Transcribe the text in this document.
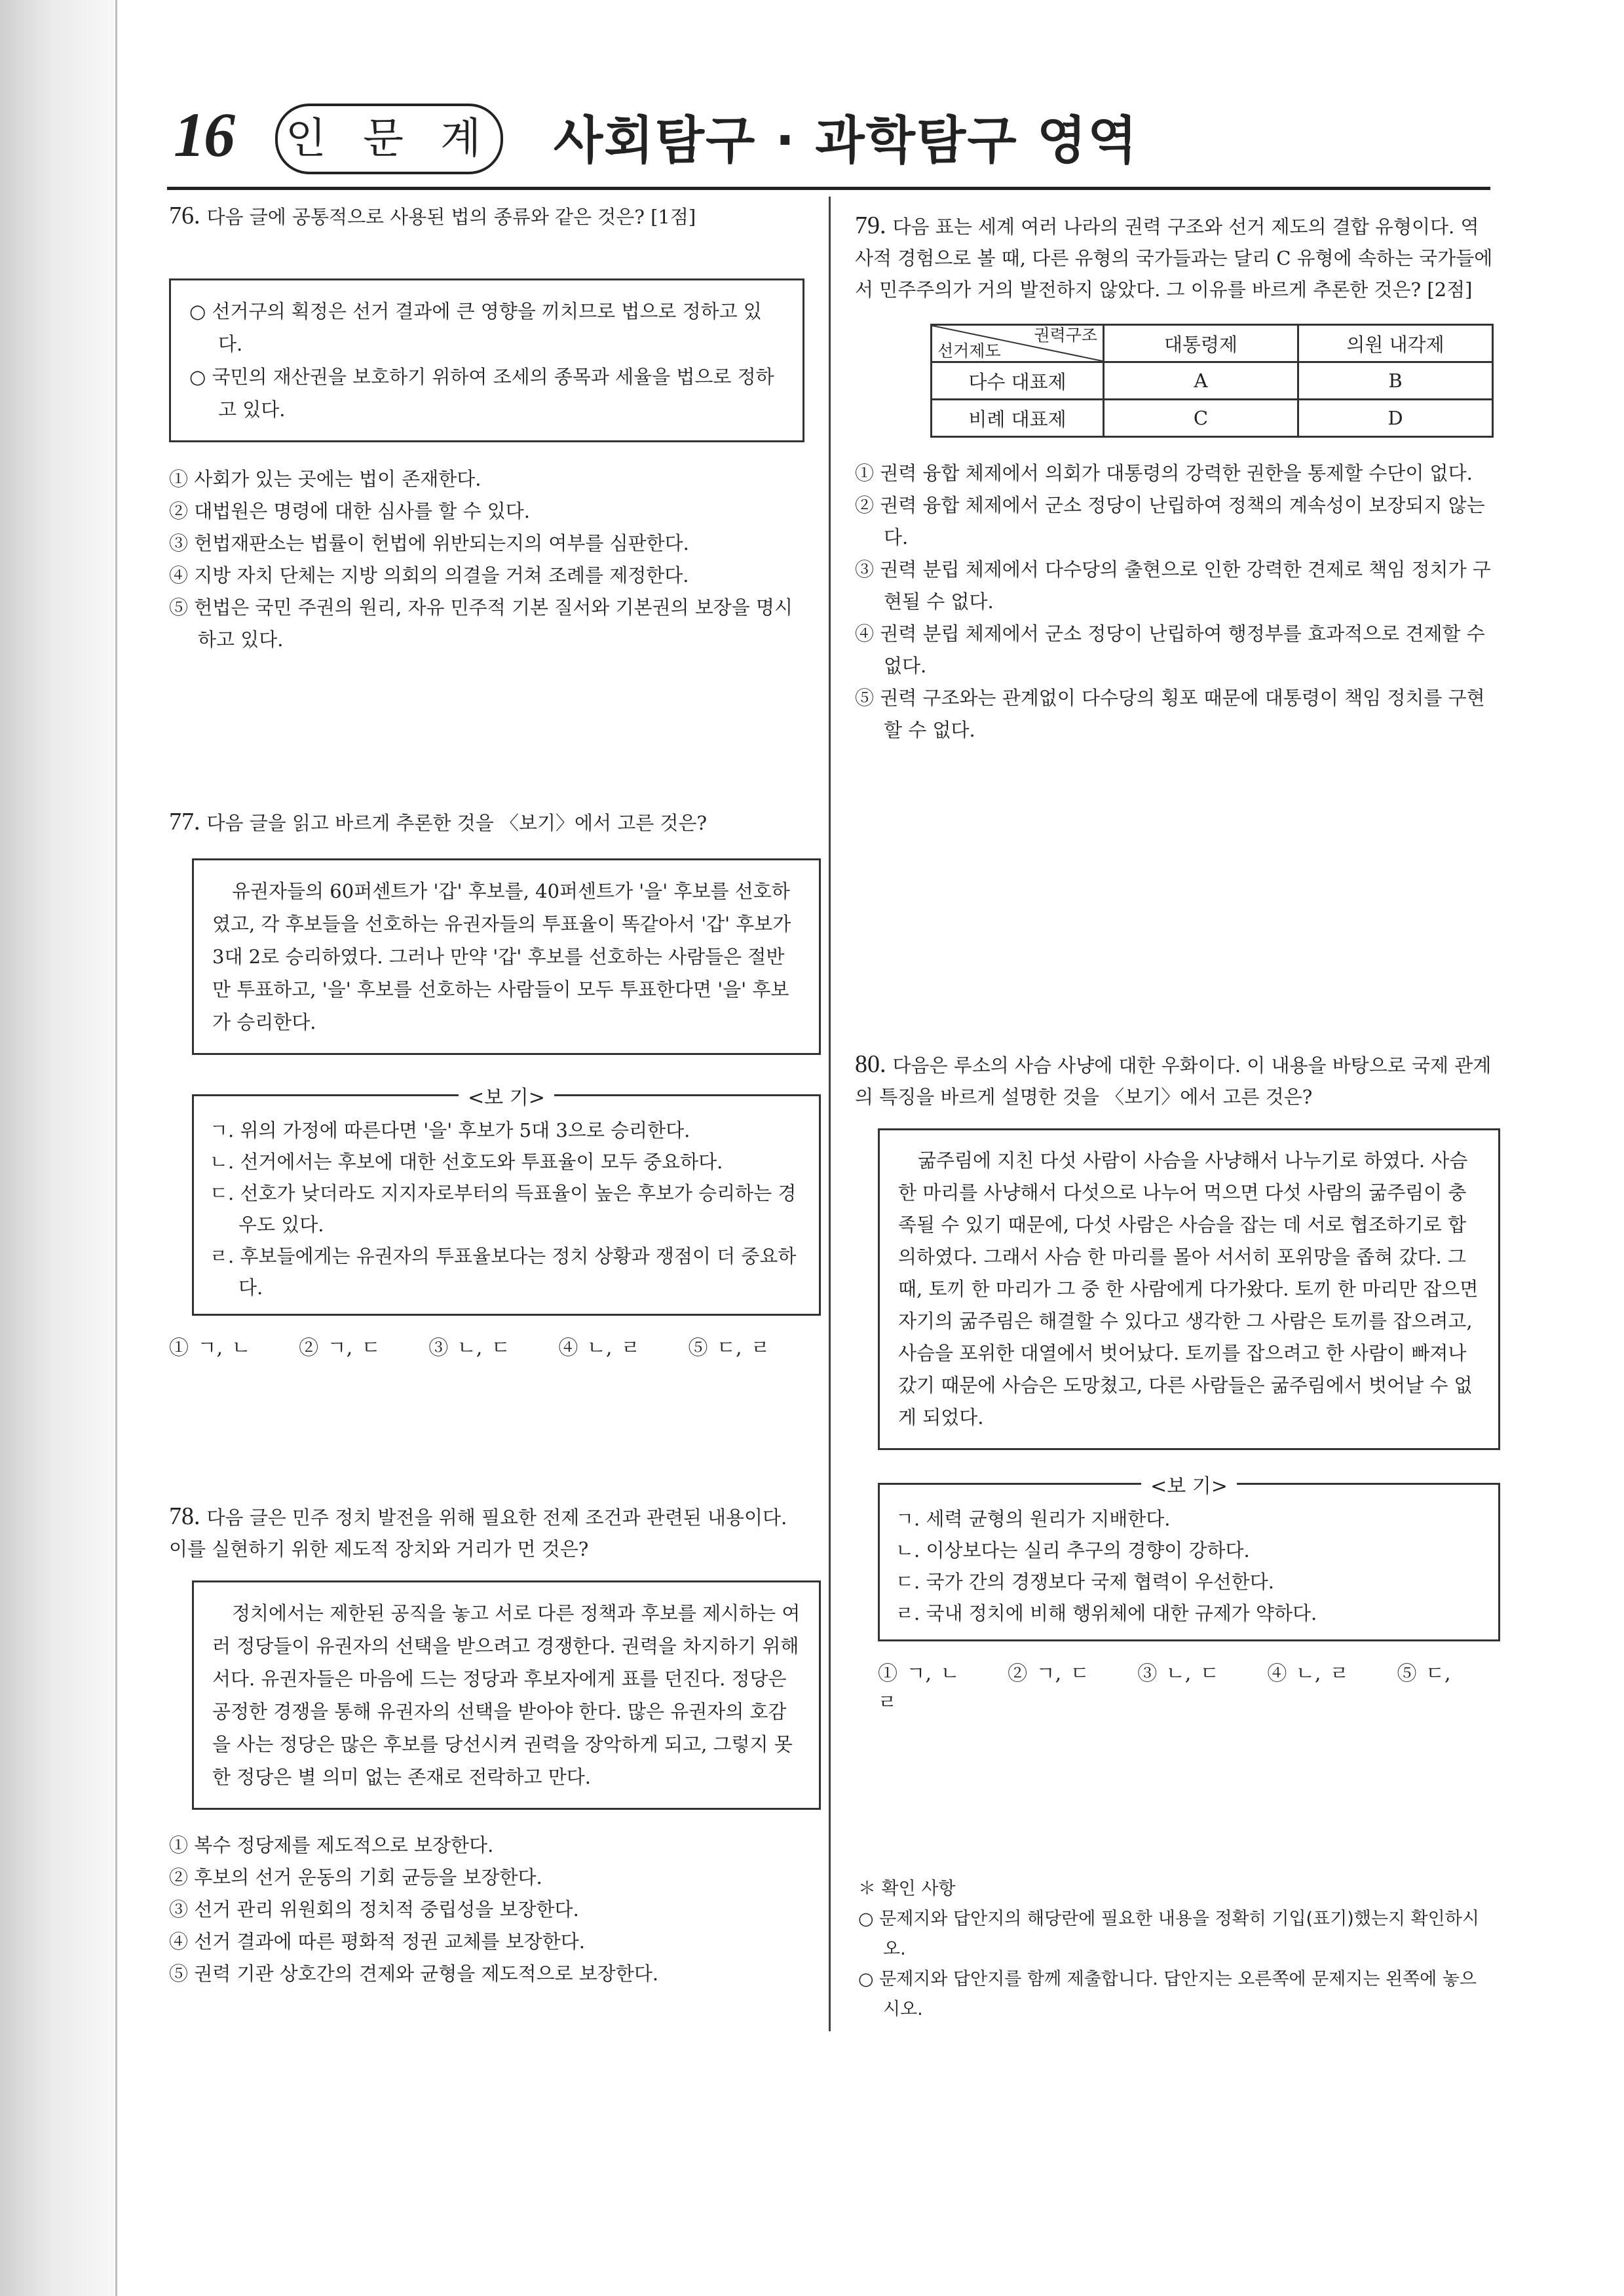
16 인 문 계 사회탐구 · 과학탐구 영역
76. 다음 글에 공통적으로 사용된 법의 종류와 같은 것은? [1점]

○ 선거구의 획정은 선거 결과에 큰 영향을 끼치므로 법으로 정하고 있다.

○ 국민의 재산권을 보호하기 위하여 조세의 종목과 세율을 법으로 정하고 있다.

① 사회가 있는 곳에는 법이 존재한다.
② 대법원은 명령에 대한 심사를 할 수 있다.
③ 헌법재판소는 법률이 헌법에 위반되는지의 여부를 심판한다.
④ 지방 자치 단체는 지방 의회의 의결을 거쳐 조례를 제정한다.
⑤ 헌법은 국민 주권의 원리, 자유 민주적 기본 질서와 기본권의 보장을 명시하고 있다.
77. 다음 글을 읽고 바르게 추론한 것을 〈보기〉에서 고른 것은?

유권자들의 60퍼센트가 '갑' 후보를, 40퍼센트가 '을' 후보를 선호하였고, 각 후보들을 선호하는 유권자들의 투표율이 똑같아서 '갑' 후보가 3대 2로 승리하였다. 그러나 만약 '갑' 후보를 선호하는 사람들은 절반만 투표하고, '을' 후보를 선호하는 사람들이 모두 투표한다면 '을' 후보가 승리한다.

<보 기>
ㄱ. 위의 가정에 따른다면 '을' 후보가 5대 3으로 승리한다.
ㄴ. 선거에서는 후보에 대한 선호도와 투표율이 모두 중요하다.
ㄷ. 선호가 낮더라도 지지자로부터의 득표율이 높은 후보가 승리하는 경우도 있다.
ㄹ. 후보들에게는 유권자의 투표율보다는 정치 상황과 쟁점이 더 중요하다.
① ㄱ, ㄴ ② ㄱ, ㄷ ③ ㄴ, ㄷ ④ ㄴ, ㄹ ⑤ ㄷ, ㄹ
78. 다음 글은 민주 정치 발전을 위해 필요한 전제 조건과 관련된 내용이다. 이를 실현하기 위한 제도적 장치와 거리가 먼 것은?

정치에서는 제한된 공직을 놓고 서로 다른 정책과 후보를 제시하는 여러 정당들이 유권자의 선택을 받으려고 경쟁한다. 권력을 차지하기 위해서다. 유권자들은 마음에 드는 정당과 후보자에게 표를 던진다. 정당은 공정한 경쟁을 통해 유권자의 선택을 받아야 한다. 많은 유권자의 호감을 사는 정당은 많은 후보를 당선시켜 권력을 장악하게 되고, 그렇지 못한 정당은 별 의미 없는 존재로 전락하고 만다.

① 복수 정당제를 제도적으로 보장한다.
② 후보의 선거 운동의 기회 균등을 보장한다.
③ 선거 관리 위원회의 정치적 중립성을 보장한다.
④ 선거 결과에 따른 평화적 정권 교체를 보장한다.
⑤ 권력 기관 상호간의 견제와 균형을 제도적으로 보장한다.
79. 다음 표는 세계 여러 나라의 권력 구조와 선거 제도의 결합 유형이다. 역사적 경험으로 볼 때, 다른 유형의 국가들과는 달리 C 유형에 속하는 국가들에서 민주주의가 거의 발전하지 않았다. 그 이유를 바르게 추론한 것은? [2점]
권력구조
선거제도	대통령제	의원 내각제
다수 대표제	A	B
비례 대표제	C	D
① 권력 융합 체제에서 의회가 대통령의 강력한 권한을 통제할 수단이 없다.
② 권력 융합 체제에서 군소 정당이 난립하여 정책의 계속성이 보장되지 않는다.
③ 권력 분립 체제에서 다수당의 출현으로 인한 강력한 견제로 책임 정치가 구현될 수 없다.
④ 권력 분립 체제에서 군소 정당이 난립하여 행정부를 효과적으로 견제할 수 없다.
⑤ 권력 구조와는 관계없이 다수당의 횡포 때문에 대통령이 책임 정치를 구현할 수 없다.
80. 다음은 루소의 사슴 사냥에 대한 우화이다. 이 내용을 바탕으로 국제 관계의 특징을 바르게 설명한 것을 〈보기〉에서 고른 것은?

굶주림에 지친 다섯 사람이 사슴을 사냥해서 나누기로 하였다. 사슴 한 마리를 사냥해서 다섯으로 나누어 먹으면 다섯 사람의 굶주림이 충족될 수 있기 때문에, 다섯 사람은 사슴을 잡는 데 서로 협조하기로 합의하였다. 그래서 사슴 한 마리를 몰아 서서히 포위망을 좁혀 갔다. 그 때, 토끼 한 마리가 그 중 한 사람에게 다가왔다. 토끼 한 마리만 잡으면 자기의 굶주림은 해결할 수 있다고 생각한 그 사람은 토끼를 잡으려고, 사슴을 포위한 대열에서 벗어났다. 토끼를 잡으려고 한 사람이 빠져나갔기 때문에 사슴은 도망쳤고, 다른 사람들은 굶주림에서 벗어날 수 없게 되었다.

<보 기>
ㄱ. 세력 균형의 원리가 지배한다.
ㄴ. 이상보다는 실리 추구의 경향이 강하다.
ㄷ. 국가 간의 경쟁보다 국제 협력이 우선한다.
ㄹ. 국내 정치에 비해 행위체에 대한 규제가 약하다.
① ㄱ, ㄴ ② ㄱ, ㄷ ③ ㄴ, ㄷ ④ ㄴ, ㄹ ⑤ ㄷ, ㄹ
＊ 확인 사항
○ 문제지와 답안지의 해당란에 필요한 내용을 정확히 기입(표기)했는지 확인하시오.
○ 문제지와 답안지를 함께 제출합니다. 답안지는 오른쪽에 문제지는 왼쪽에 놓으시오.
